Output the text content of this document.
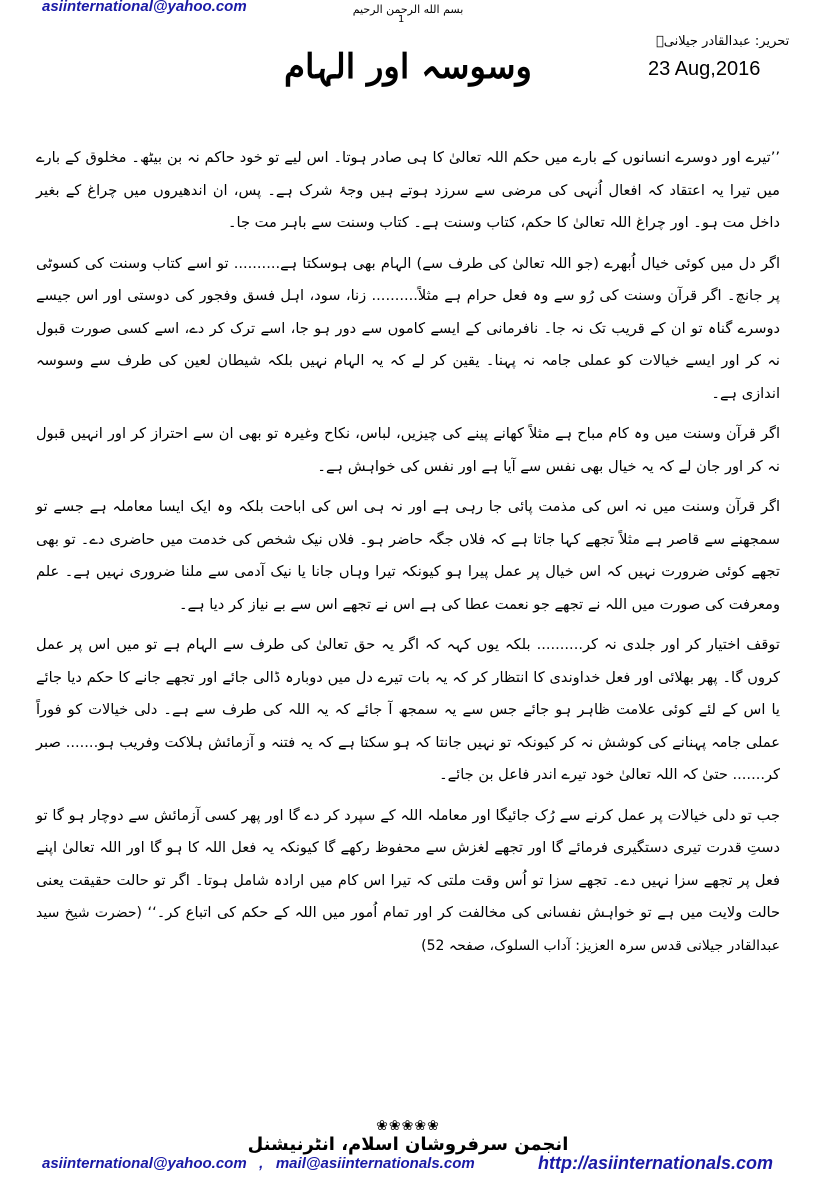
asiinternational@yahoo.com	بسم الله الرحمن الرحيم
1
تحریر: عبدالقادر جیلانیؒ
23 Aug,2016
وسوسہ اور الہام

’’تیرے اور دوسرے انسانوں کے بارے میں حکم اللہ تعالیٰ کا ہی صادر ہوتا۔ اس لیے تو خود حاکم نہ بن بیٹھ۔ مخلوق کے بارے میں تیرا یہ اعتقاد کہ افعال اُنہی کی مرضی سے سرزد ہوتے ہیں وجۂ شرک ہے۔ پس، ان اندھیروں میں چراغ کے بغیر داخل مت ہو۔ اور چراغ اللہ تعالیٰ کا حکم، کتاب وسنت ہے۔ کتاب وسنت سے باہر مت جا۔

اگر دل میں کوئی خیال اُبھرے (جو اللہ تعالیٰ کی طرف سے) الہام بھی ہوسکتا ہے.......... تو اسے کتاب وسنت کی کسوٹی پر جانچ۔ اگر قرآن وسنت کی رُو سے وہ فعل حرام ہے مثلاً.......... زنا، سود، اہل فسق وفجور کی دوستی اور اس جیسے دوسرے گناہ تو ان کے قریب تک نہ جا۔ نافرمانی کے ایسے کاموں سے دور ہو جا، اسے ترک کر دے، اسے کسی صورت قبول نہ کر اور ایسے خیالات کو عملی جامہ نہ پہنا۔ یقین کر لے کہ یہ الہام نہیں بلکہ شیطان لعین کی طرف سے وسوسہ اندازی ہے۔

اگر قرآن وسنت میں وہ کام مباح ہے مثلاً کھانے پینے کی چیزیں، لباس، نکاح وغیرہ تو بھی ان سے احتراز کر اور انہیں قبول نہ کر اور جان لے کہ یہ خیال بھی نفس سے آیا ہے اور نفس کی خواہش ہے۔

اگر قرآن وسنت میں نہ اس کی مذمت پائی جا رہی ہے اور نہ ہی اس کی اباحت بلکہ وہ ایک ایسا معاملہ ہے جسے تو سمجھنے سے قاصر ہے مثلاً تجھے کہا جاتا ہے کہ فلاں جگہ حاضر ہو۔ فلاں نیک شخص کی خدمت میں حاضری دے۔ تو بھی تجھے کوئی ضرورت نہیں کہ اس خیال پر عمل پیرا ہو کیونکہ تیرا وہاں جانا یا نیک آدمی سے ملنا ضروری نہیں ہے۔ علم ومعرفت کی صورت میں اللہ نے تجھے جو نعمت عطا کی ہے اس نے تجھے اس سے بے نیاز کر دیا ہے۔

توقف اختیار کر اور جلدی نہ کر.......... بلکہ یوں کہہ کہ اگر یہ حق تعالیٰ کی طرف سے الہام ہے تو میں اس پر عمل کروں گا۔ پھر بھلائی اور فعل خداوندی کا انتظار کر کہ یہ بات تیرے دل میں دوبارہ ڈالی جائے اور تجھے جانے کا حکم دیا جائے یا اس کے لئے کوئی علامت ظاہر ہو جائے جس سے یہ سمجھ آ جائے کہ یہ اللہ کی طرف سے ہے۔ دلی خیالات کو فوراً عملی جامہ پہنانے کی کوشش نہ کر کیونکہ تو نہیں جانتا کہ ہو سکتا ہے کہ یہ فتنہ و آزمائش ہلاکت وفریب ہو....... صبر کر....... حتیٰ کہ اللہ تعالیٰ خود تیرے اندر فاعل بن جائے۔

جب تو دلی خیالات پر عمل کرنے سے رُک جائیگا اور معاملہ اللہ کے سپرد کر دے گا اور پھر کسی آزمائش سے دوچار ہو گا تو دستِ قدرت تیری دستگیری فرمائے گا اور تجھے لغزش سے محفوظ رکھے گا کیونکہ یہ فعل اللہ کا ہو گا اور اللہ تعالیٰ اپنے فعل پر تجھے سزا نہیں دے۔ تجھے سزا تو اُس وقت ملتی کہ تیرا اس کام میں ارادہ شامل ہوتا۔ اگر تو حالت حقیقت یعنی حالت ولایت میں ہے تو خواہش نفسانی کی مخالفت کر اور تمام اُمور میں اللہ کے حکم کی اتباع کر۔‘‘ (حضرت شیخ سید عبدالقادر جیلانی قدس سرہ العزیز: آداب السلوک، صفحہ 52)

❀❀❀❀❀
انجمن سرفروشان اسلام، انٹرنیشنل
asiinternational@yahoo.com   ,   mail@asiinternationals.com	http://asiinternationals.com
